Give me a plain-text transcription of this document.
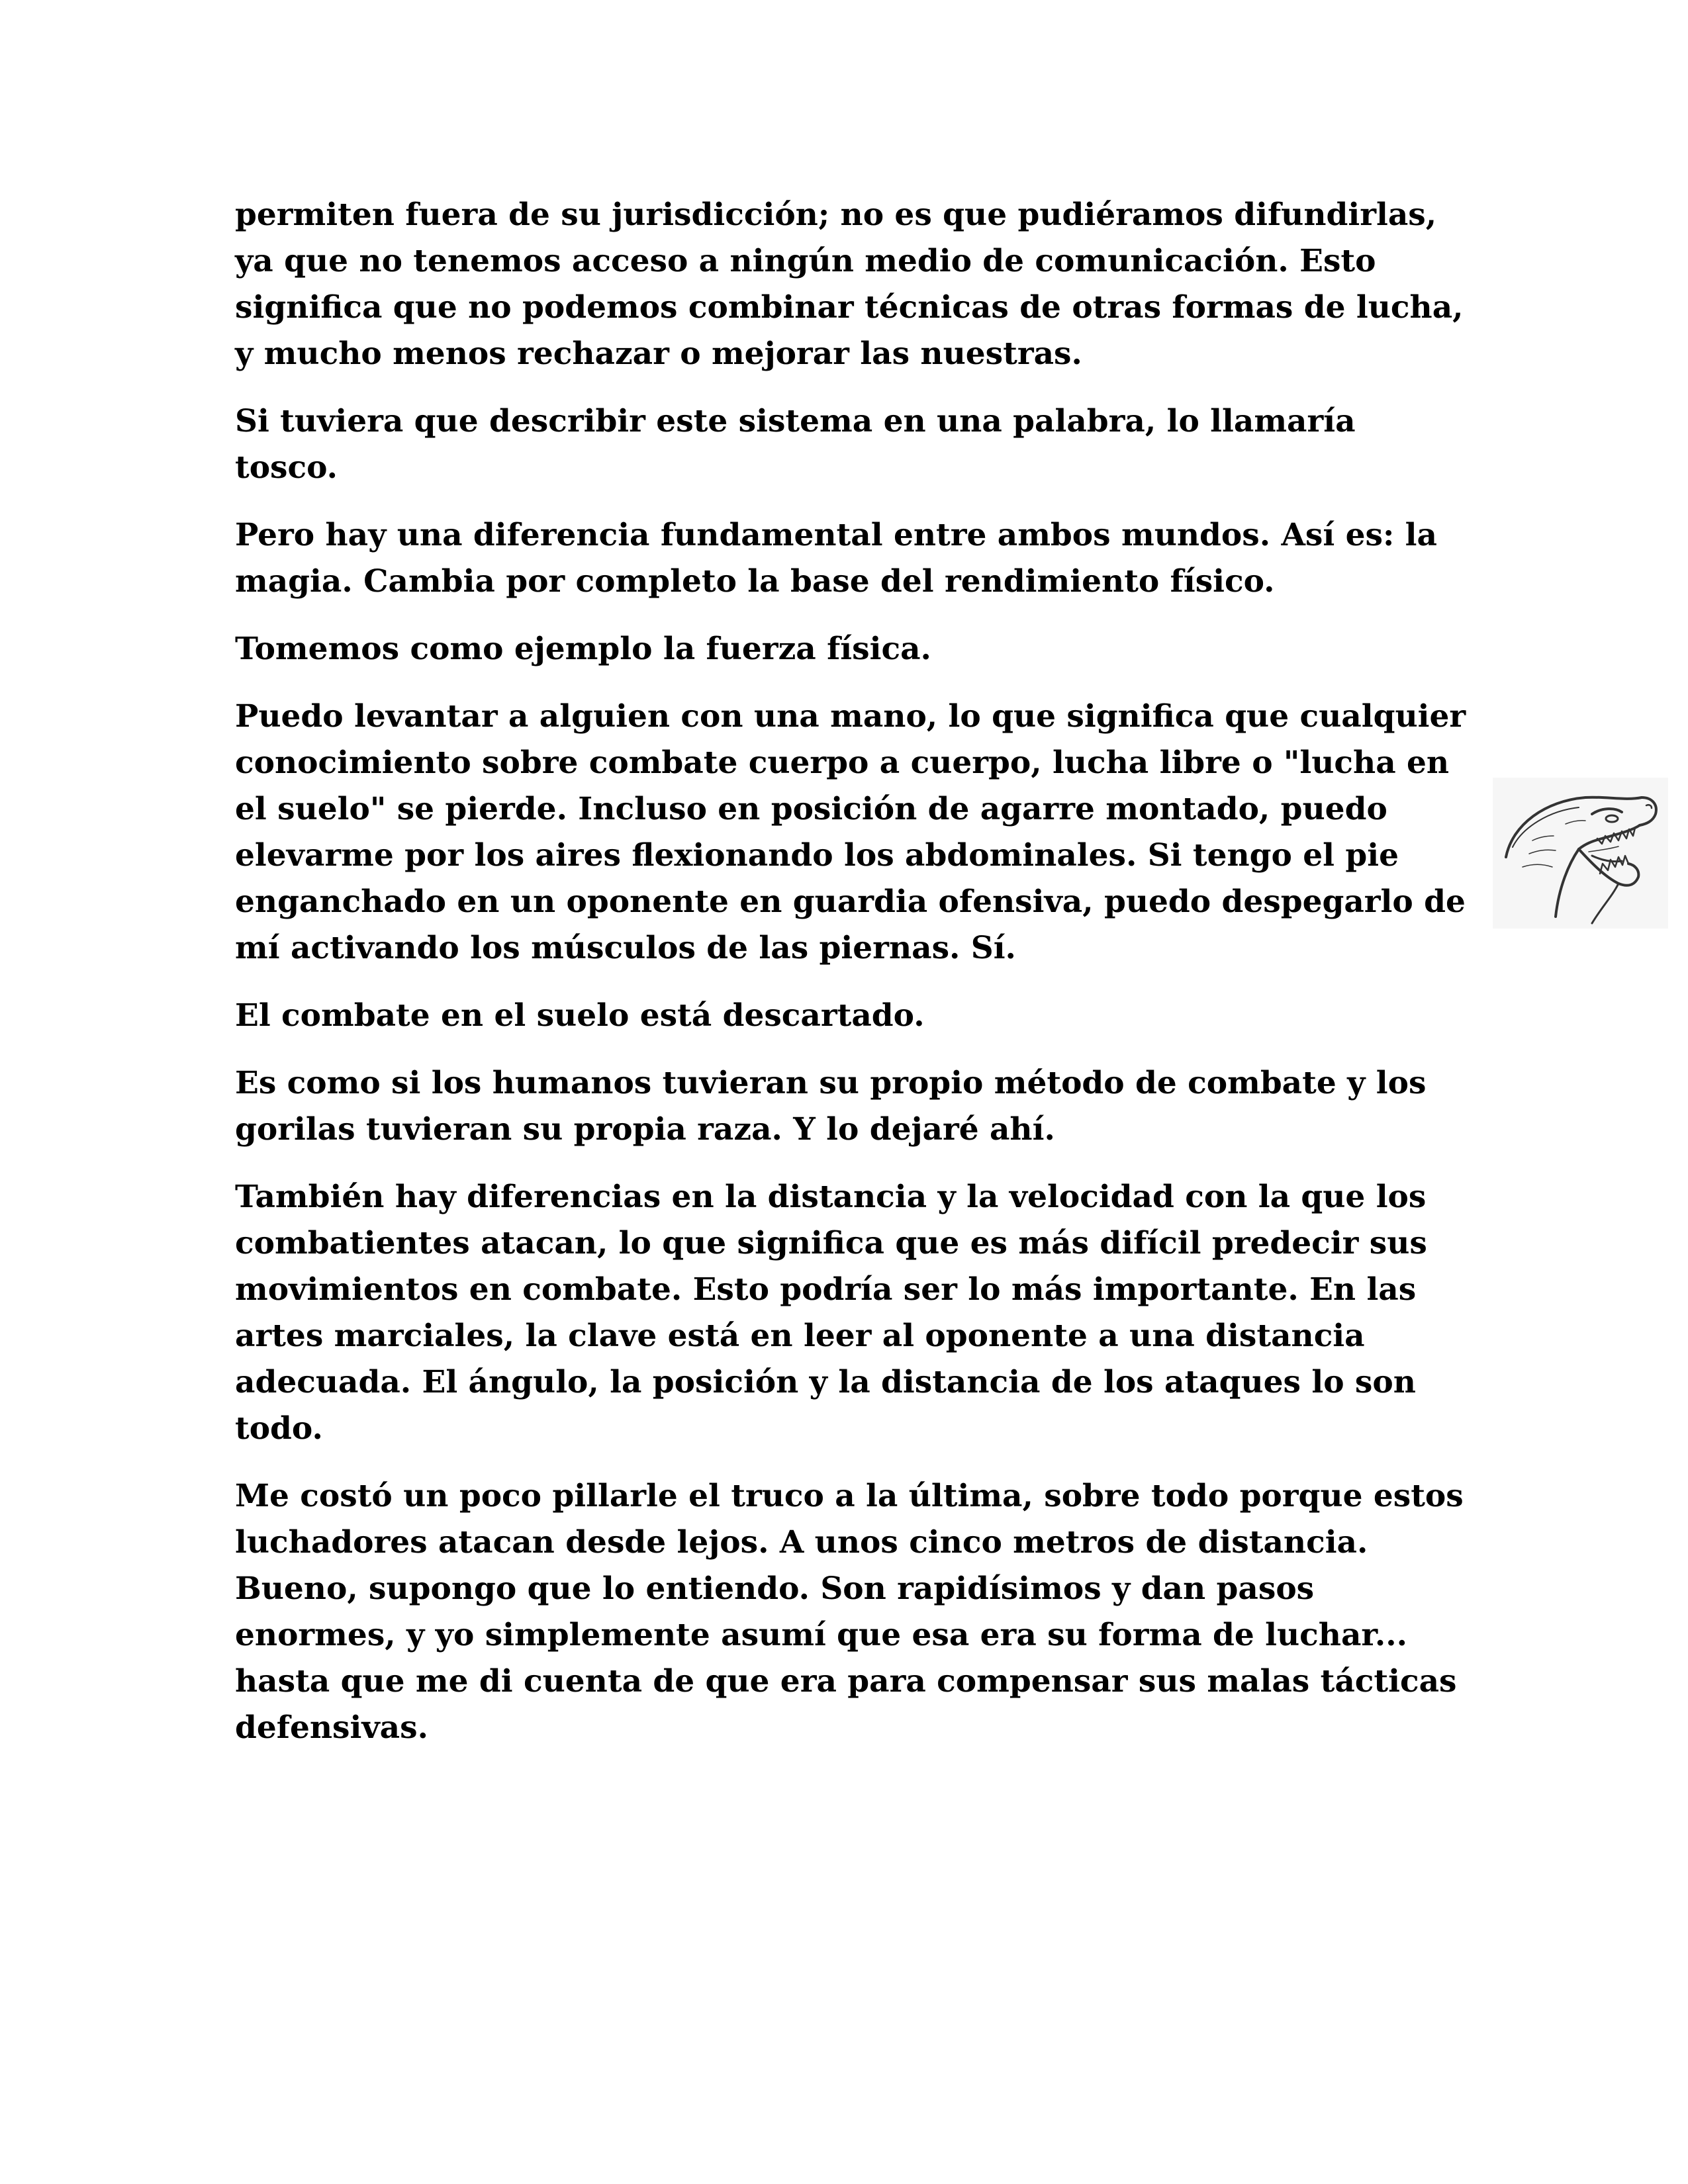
permiten fuera de su jurisdicción; no es que pudiéramos difundirlas, ya que no tenemos acceso a ningún medio de comunicación. Esto significa que no podemos combinar técnicas de otras formas de lucha, y mucho menos rechazar o mejorar las nuestras.

Si tuviera que describir este sistema en una palabra, lo llamaría tosco.

Pero hay una diferencia fundamental entre ambos mundos. Así es: la magia. Cambia por completo la base del rendimiento físico.

Tomemos como ejemplo la fuerza física.

Puedo levantar a alguien con una mano, lo que significa que cualquier conocimiento sobre combate cuerpo a cuerpo, lucha libre o "lucha en el suelo" se pierde. Incluso en posición de agarre montado, puedo elevarme por los aires flexionando los abdominales. Si tengo el pie enganchado en un oponente en guardia ofensiva, puedo despegarlo de mí activando los músculos de las piernas. Sí.

El combate en el suelo está descartado.

Es como si los humanos tuvieran su propio método de combate y los gorilas tuvieran su propia raza. Y lo dejaré ahí.

También hay diferencias en la distancia y la velocidad con la que los combatientes atacan, lo que significa que es más difícil predecir sus movimientos en combate. Esto podría ser lo más importante. En las artes marciales, la clave está en leer al oponente a una distancia adecuada. El ángulo, la posición y la distancia de los ataques lo son todo.

Me costó un poco pillarle el truco a la última, sobre todo porque estos luchadores atacan desde lejos. A unos cinco metros de distancia. Bueno, supongo que lo entiendo. Son rapidísimos y dan pasos enormes, y yo simplemente asumí que esa era su forma de luchar... hasta que me di cuenta de que era para compensar sus malas tácticas defensivas.
